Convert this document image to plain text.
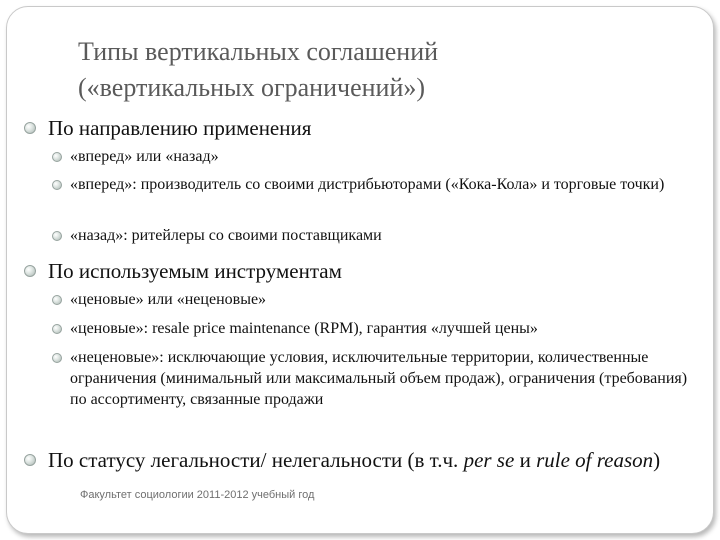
Типы вертикальных соглашений
(«вертикальных ограничений»)
По направлению применения
«вперед» или «назад»
«вперед»: производитель со своими дистрибьюторами («Кока-Кола» и торговые точки)
«назад»: ритейлеры со своими поставщиками
По используемым инструментам
«ценовые» или «неценовые»
«ценовые»: resale price maintenance (RPM), гарантия «лучшей цены»
«неценовые»: исключающие условия, исключительные территории, количественные ограничения (минимальный или максимальный объем продаж), ограничения (требования) по ассортименту, связанные продажи
По статусу легальности/ нелегальности (в т.ч. per se и rule of reason)
Факультет социологии 2011-2012 учебный год
